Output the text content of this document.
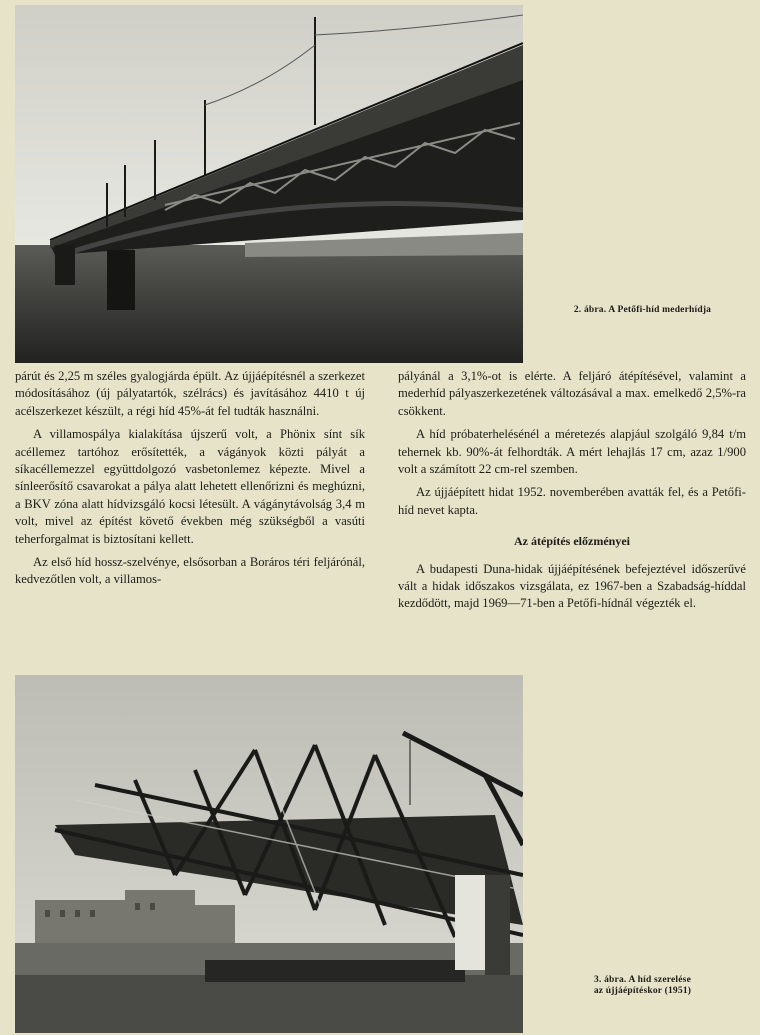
2. ábra. A Petőfi-híd mederhídja

párút és 2,25 m széles gyalogjárda épült. Az újjáépítésnél a szerkezet módosításához (új pályatartók, szélrács) és javításához 4410 t új acélszerkezet készült, a régi híd 45%-át fel tudták használni.

A villamospálya kialakítása újszerű volt, a Phönix sínt sík acéllemez tartóhoz erősítették, a vágányok közti pályát a síkacéllemezzel együttdolgozó vasbetonlemez képezte. Mivel a sínleerősítő csavarokat a pálya alatt lehetett ellenőrizni és meghúzni, a BKV zóna alatt hídvizsgáló kocsi létesült. A vágánytávolság 3,4 m volt, mivel az építést követő években még szükségből a vasúti teherforgalmat is biztosítani kellett.

Az első híd hossz-szelvénye, elsősorban a Boráros téri feljárónál, kedvezőtlen volt, a villamos-

pályánál a 3,1%-ot is elérte. A feljáró átépítésével, valamint a mederhíd pályaszerkezetének változásával a max. emelkedő 2,5%-ra csökkent.

A híd próbaterhelésénél a méretezés alapjául szolgáló 9,84 t/m tehernek kb. 90%-át felhordták. A mért lehajlás 17 cm, azaz 1/900 volt a számított 22 cm-rel szemben.

Az újjáépített hidat 1952. novemberében avatták fel, és a Petőfi-híd nevet kapta.

Az átépítés előzményei

A budapesti Duna-hidak újjáépítésének befejeztével időszerűvé vált a hidak időszakos vizsgálata, ez 1967-ben a Szabadság-híddal kezdődött, majd 1969—71-ben a Petőfi-hídnál végezték el.

3. ábra. A híd szerelése
az újjáépítéskor (1951)
